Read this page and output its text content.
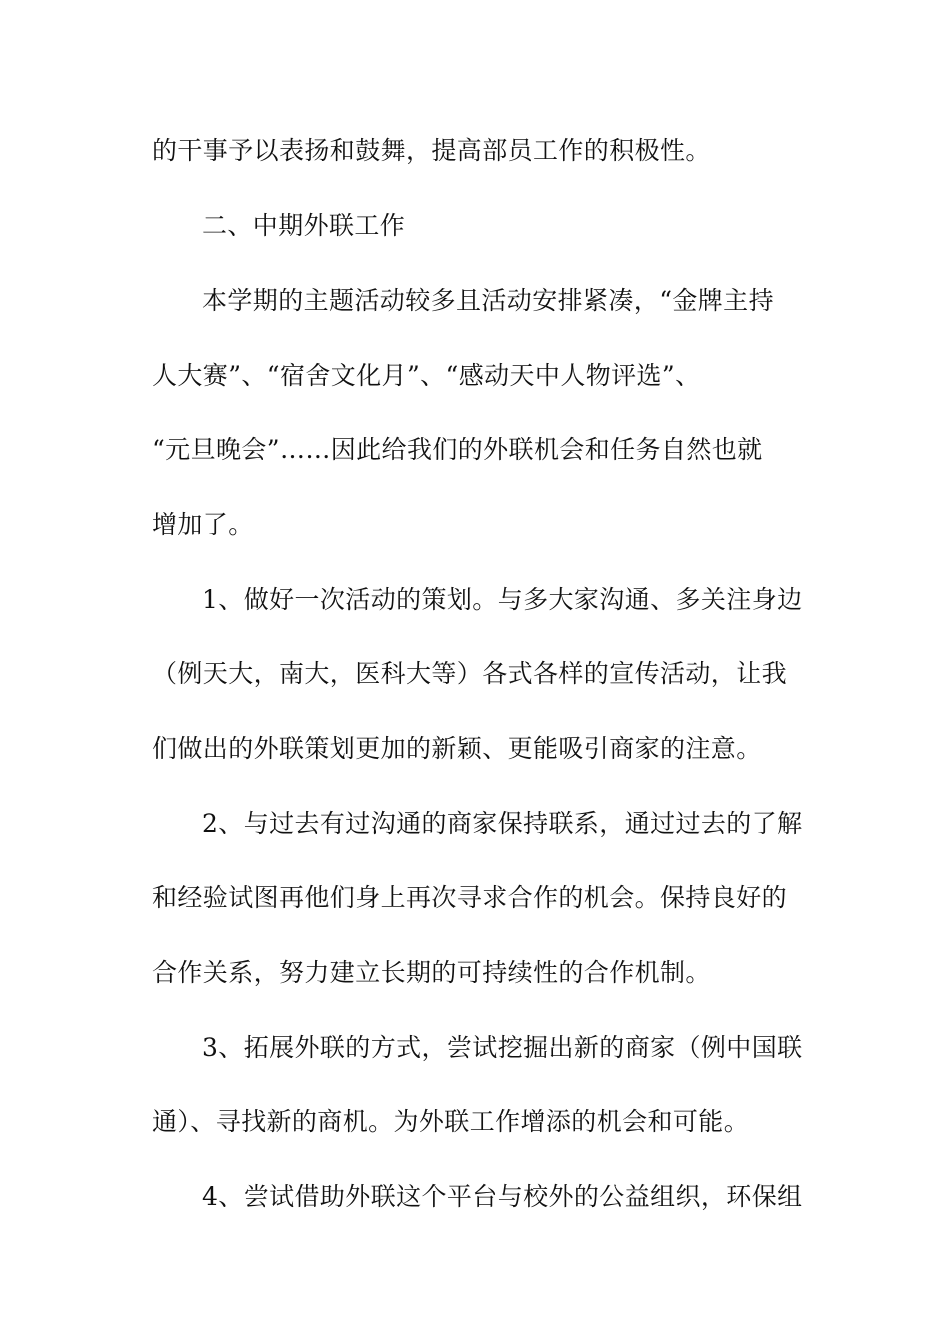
的干事予以表扬和鼓舞，提高部员工作的积极性。
二、中期外联工作
本学期的主题活动较多且活动安排紧凑，“金牌主持
人大赛”、“宿舍文化月”、“感动天中人物评选”、
“元旦晚会”……因此给我们的外联机会和任务自然也就
增加了。
1、做好一次活动的策划。与多大家沟通、多关注身边
（例天大，南大，医科大等）各式各样的宣传活动，让我
们做出的外联策划更加的新颖、更能吸引商家的注意。
2、与过去有过沟通的商家保持联系，通过过去的了解
和经验试图再他们身上再次寻求合作的机会。保持良好的
合作关系，努力建立长期的可持续性的合作机制。
3、拓展外联的方式，尝试挖掘出新的商家（例中国联
通）、寻找新的商机。为外联工作增添的机会和可能。
4、尝试借助外联这个平台与校外的公益组织，环保组
